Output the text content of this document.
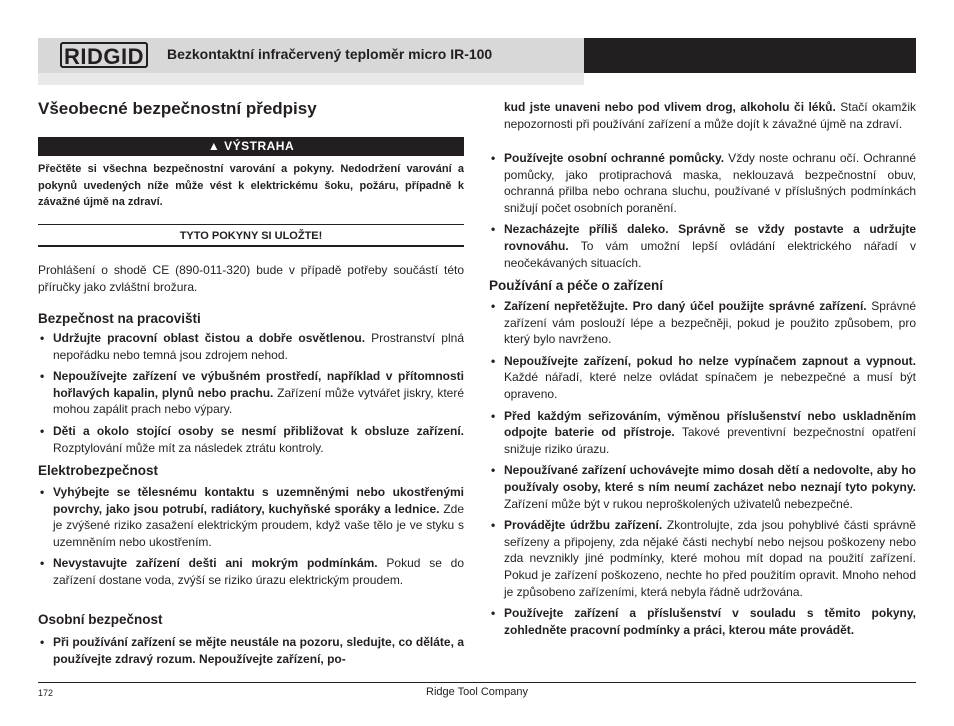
RIDGID Bezkontaktní infračervený teploměr micro IR-100
Všeobecné bezpečnostní předpisy
▲ VÝSTRAHA

Přečtěte si všechna bezpečnostní varování a pokyny. Nedodržení varování a pokynů uvedených níže může vést k elektrickému šoku, požáru, případně k závažné újmě na zdraví.

TYTO POKYNY SI ULOŽTE!

Prohlášení o shodě CE (890-011-320) bude v případě potřeby součástí této příručky jako zvláštní brožura.

Bezpečnost na pracovišti
• Udržujte pracovní oblast čistou a dobře osvětlenou. Prostranství plná nepořádku nebo temná jsou zdrojem nehod.
• Nepoužívejte zařízení ve výbušném prostředí, například v přítomnosti hořlavých kapalin, plynů nebo prachu. Zařízení může vytvářet jiskry, které mohou zapálit prach nebo výpary.
• Děti a okolo stojící osoby se nesmí přibližovat k obsluze zařízení. Rozptylování může mít za následek ztrátu kontroly.
Elektrobezpečnost
• Vyhýbejte se tělesnému kontaktu s uzemněnými nebo ukostřenými povrchy, jako jsou potrubí, radiátory, kuchyňské sporáky a lednice. Zde je zvýšené riziko zasažení elektrickým proudem, když vaše tělo je ve styku s uzemněním nebo ukostřením.
• Nevystavujte zařízení dešti ani mokrým podmínkám. Pokud se do zařízení dostane voda, zvýší se riziko úrazu elektrickým proudem.
Osobní bezpečnost
• Při používání zařízení se mějte neustále na pozoru, sledujte, co děláte, a používejte zdravý rozum. Nepoužívejte zařízení, po-

kud jste unaveni nebo pod vlivem drog, alkoholu či léků. Stačí okamžik nepozornosti při používání zařízení a může dojít k závažné újmě na zdraví.

• Používejte osobní ochranné pomůcky. Vždy noste ochranu očí. Ochranné pomůcky, jako protiprachová maska, neklouzavá bezpečnostní obuv, ochranná přilba nebo ochrana sluchu, používané v příslušných podmínkách snižují počet osobních poranění.
• Nezacházejte příliš daleko. Správně se vždy postavte a udržujte rovnováhu. To vám umožní lepší ovládání elektrického nářadí v neočekávaných situacích.
Používání a péče o zařízení
• Zařízení nepřetěžujte. Pro daný účel použijte správné zařízení. Správné zařízení vám poslouží lépe a bezpečněji, pokud je použito způsobem, pro který bylo navrženo.
• Nepoužívejte zařízení, pokud ho nelze vypínačem zapnout a vypnout. Každé nářadí, které nelze ovládat spínačem je nebezpečné a musí být opraveno.
• Před každým seřizováním, výměnou příslušenství nebo uskladněním odpojte baterie od přístroje. Takové preventivní bezpečnostní opatření snižuje riziko úrazu.
• Nepoužívané zařízení uchovávejte mimo dosah dětí a nedovolte, aby ho používaly osoby, které s ním neumí zacházet nebo neznají tyto pokyny. Zařízení může být v rukou neproškolených uživatelů nebezpečné.
• Provádějte údržbu zařízení. Zkontrolujte, zda jsou pohyblivé části správně seřízeny a připojeny, zda nějaké části nechybí nebo nejsou poškozeny nebo zda nevznikly jiné podmínky, které mohou mít dopad na použití zařízení. Pokud je zařízení poškozeno, nechte ho před použitím opravit. Mnoho nehod je způsobeno zařízeními, která nebyla řádně udržována.
• Používejte zařízení a příslušenství v souladu s těmito pokyny, zohledněte pracovní podmínky a práci, kterou máte provádět.
172	Ridge Tool Company
